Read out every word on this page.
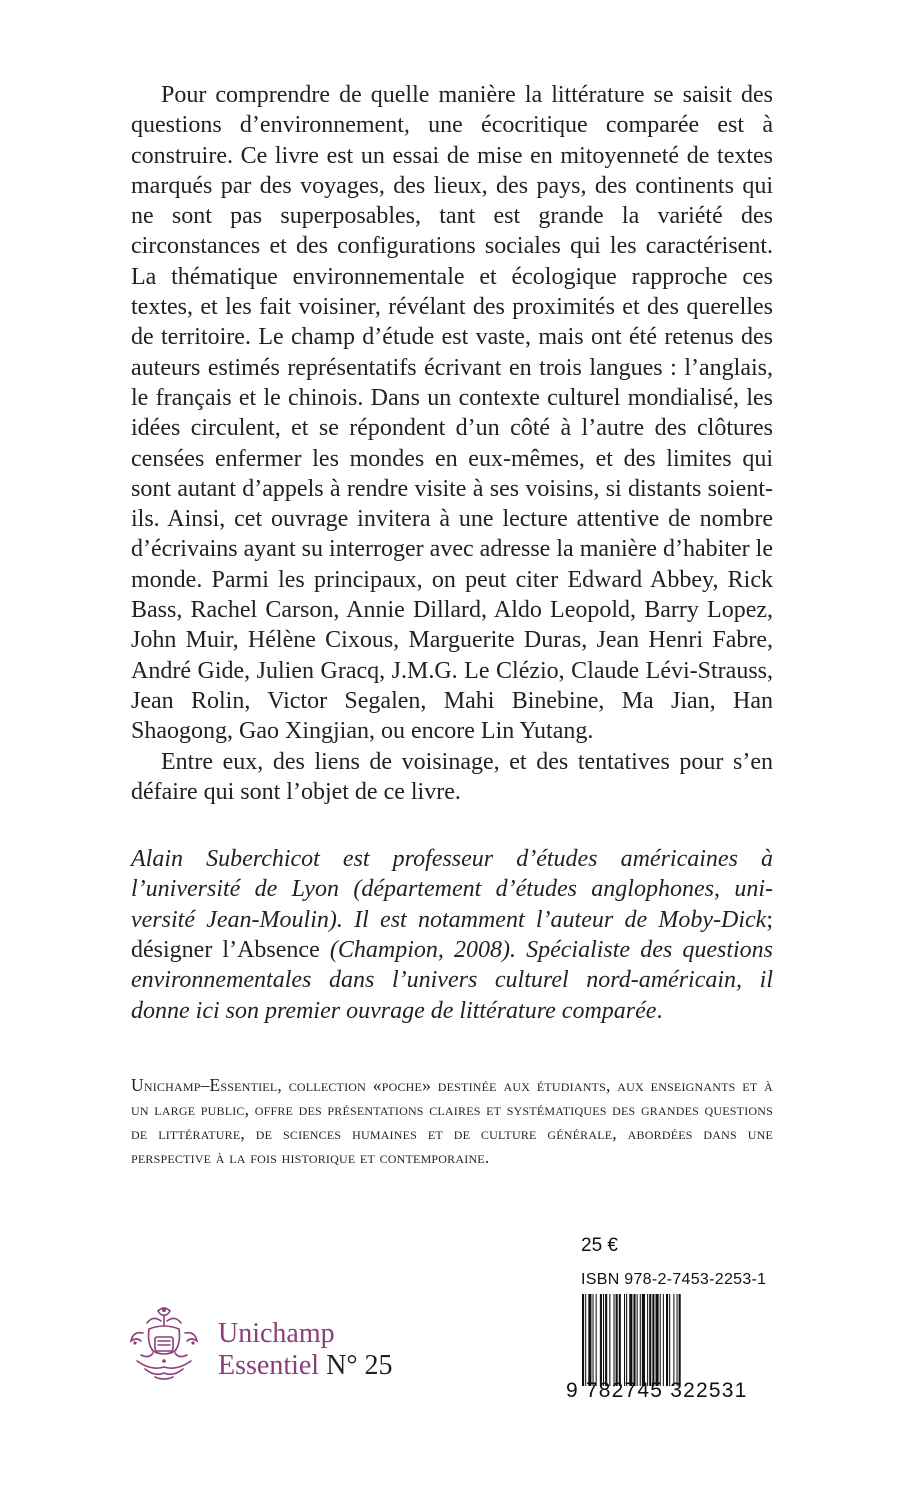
Pour comprendre de quelle manière la littérature se saisit des questions d’environnement, une écocritique comparée est à construire. Ce livre est un essai de mise en mitoyenneté de textes marqués par des voyages, des lieux, des pays, des continents qui ne sont pas superposables, tant est grande la variété des circonstances et des configurations sociales qui les caractérisent. La thématique environnementale et écologique rapproche ces textes, et les fait voisiner, révélant des proximités et des querelles de territoire. Le champ d’étude est vaste, mais ont été retenus des auteurs estimés représentatifs écrivant en trois langues : l’anglais, le français et le chinois. Dans un contexte culturel mondialisé, les idées circulent, et se répondent d’un côté à l’autre des clôtures censées enfermer les mondes en eux-mêmes, et des limites qui sont autant d’appels à rendre visite à ses voisins, si distants soient-ils. Ainsi, cet ouvrage invitera à une lecture attentive de nombre d’écrivains ayant su interroger avec adresse la manière d’habiter le monde. Parmi les principaux, on peut citer Edward Abbey, Rick Bass, Rachel Carson, Annie Dillard, Aldo Leopold, Barry Lopez, John Muir, Hélène Cixous, Marguerite Duras, Jean Henri Fabre, André Gide, Julien Gracq, J.M.G. Le Clézio, Claude Lévi-Strauss, Jean Rolin, Victor Segalen, Mahi Binebine, Ma Jian, Han Shaogong, Gao Xingjian, ou encore Lin Yutang.

Entre eux, des liens de voisinage, et des tentatives pour s’en défaire qui sont l’objet de ce livre.

Alain Suberchicot est professeur d’études américaines à l’université de Lyon (département d’études anglophones, université Jean-Moulin). Il est notamment l’auteur de Moby-Dick; désigner l’Absence (Champion, 2008). Spécialiste des questions environnementales dans l’univers culturel nord-américain, il donne ici son premier ouvrage de littérature comparée.
Unichamp–Essentiel, collection «poche» destinée aux étudiants, aux enseignants et à un large public, offre des présentations claires et systématiques des grandes questions de littérature, de sciences humaines et de culture générale, abordées dans une perspective à la fois historique et contemporaine.
25 €
ISBN 978-2-7453-2253-1
9 782745 322531
Unichamp
Essentiel N° 25
